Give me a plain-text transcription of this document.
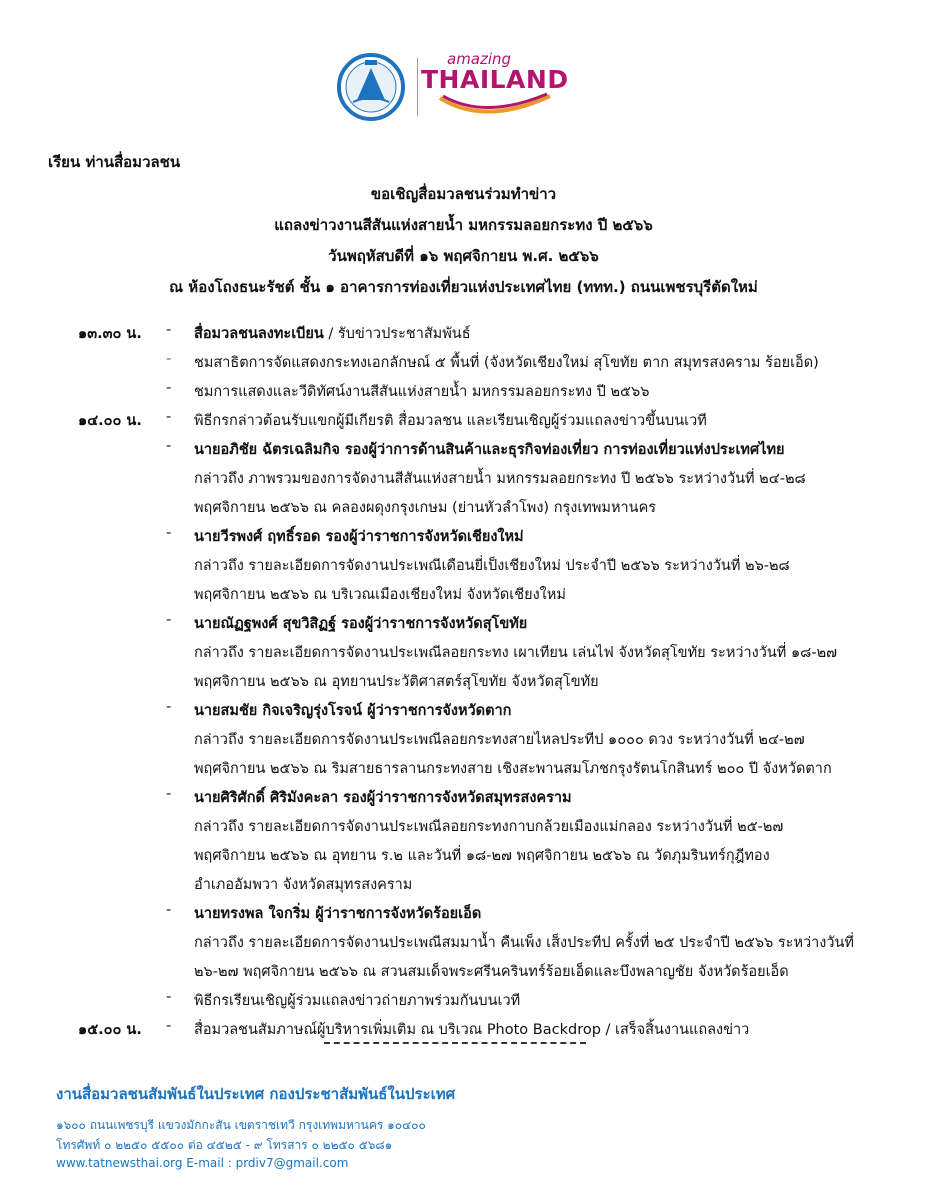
amazing
THAILAND
เรียน ท่านสื่อมวลชน
ขอเชิญสื่อมวลชนร่วมทำข่าว
แถลงข่าวงานสีสันแห่งสายน้ำ มหกรรมลอยกระทง ปี ๒๕๖๖
วันพฤหัสบดีที่ ๑๖ พฤศจิกายน พ.ศ. ๒๕๖๖
ณ ห้องโถงธนะรัชต์ ชั้น ๑ อาคารการท่องเที่ยวแห่งประเทศไทย (ททท.) ถนนเพชรบุรีตัดใหม่
๑๓.๓๐ น. - สื่อมวลชนลงทะเบียน / รับข่าวประชาสัมพันธ์
- ชมสาธิตการจัดแสดงกระทงเอกลักษณ์ ๕ พื้นที่ (จังหวัดเชียงใหม่ สุโขทัย ตาก สมุทรสงคราม ร้อยเอ็ด)
- ชมการแสดงและวีดิทัศน์งานสีสันแห่งสายน้ำ มหกรรมลอยกระทง ปี ๒๕๖๖
๑๔.๐๐ น. - พิธีกรกล่าวต้อนรับแขกผู้มีเกียรติ สื่อมวลชน และเรียนเชิญผู้ร่วมแถลงข่าวขึ้นบนเวที
- นายอภิชัย ฉัตรเฉลิมกิจ รองผู้ว่าการด้านสินค้าและธุรกิจท่องเที่ยว การท่องเที่ยวแห่งประเทศไทย
กล่าวถึง ภาพรวมของการจัดงานสีสันแห่งสายน้ำ มหกรรมลอยกระทง ปี ๒๕๖๖ ระหว่างวันที่ ๒๔-๒๘
พฤศจิกายน ๒๕๖๖ ณ คลองผดุงกรุงเกษม (ย่านหัวลำโพง) กรุงเทพมหานคร
- นายวีรพงศ์ ฤทธิ์รอด รองผู้ว่าราชการจังหวัดเชียงใหม่
กล่าวถึง รายละเอียดการจัดงานประเพณีเดือนยี่เป็งเชียงใหม่ ประจำปี ๒๕๖๖ ระหว่างวันที่ ๒๖-๒๘
พฤศจิกายน ๒๕๖๖ ณ บริเวณเมืองเชียงใหม่ จังหวัดเชียงใหม่
- นายณัฏฐพงศ์ สุขวิสิฏฐ์ รองผู้ว่าราชการจังหวัดสุโขทัย
กล่าวถึง รายละเอียดการจัดงานประเพณีลอยกระทง เผาเทียน เล่นไฟ จังหวัดสุโขทัย ระหว่างวันที่ ๑๘-๒๗
พฤศจิกายน ๒๕๖๖ ณ อุทยานประวัติศาสตร์สุโขทัย จังหวัดสุโขทัย
- นายสมชัย กิจเจริญรุ่งโรจน์ ผู้ว่าราชการจังหวัดตาก
กล่าวถึง รายละเอียดการจัดงานประเพณีลอยกระทงสายไหลประทีป ๑๐๐๐ ดวง ระหว่างวันที่ ๒๔-๒๗
พฤศจิกายน ๒๕๖๖ ณ ริมสายธารลานกระทงสาย เชิงสะพานสมโภชกรุงรัตนโกสินทร์ ๒๐๐ ปี จังหวัดตาก
- นายศิริศักดิ์ ศิริมังคะลา รองผู้ว่าราชการจังหวัดสมุทรสงคราม
กล่าวถึง รายละเอียดการจัดงานประเพณีลอยกระทงกาบกล้วยเมืองแม่กลอง ระหว่างวันที่ ๒๕-๒๗
พฤศจิกายน ๒๕๖๖ ณ อุทยาน ร.๒ และวันที่ ๑๘-๒๗ พฤศจิกายน ๒๕๖๖ ณ วัดภุมรินทร์กุฎีทอง
อำเภออัมพวา จังหวัดสมุทรสงคราม
- นายทรงพล ใจกริ่ม ผู้ว่าราชการจังหวัดร้อยเอ็ด
กล่าวถึง รายละเอียดการจัดงานประเพณีสมมาน้ำ คืนเพ็ง เส็งประทีป ครั้งที่ ๒๕ ประจำปี ๒๕๖๖ ระหว่างวันที่
๒๖-๒๗ พฤศจิกายน ๒๕๖๖ ณ สวนสมเด็จพระศรีนครินทร์ร้อยเอ็ดและบึงพลาญชัย จังหวัดร้อยเอ็ด
- พิธีกรเรียนเชิญผู้ร่วมแถลงข่าวถ่ายภาพร่วมกันบนเวที
๑๕.๐๐ น. - สื่อมวลชนสัมภาษณ์ผู้บริหารเพิ่มเติม ณ บริเวณ Photo Backdrop / เสร็จสิ้นงานแถลงข่าว
งานสื่อมวลชนสัมพันธ์ในประเทศ กองประชาสัมพันธ์ในประเทศ
๑๖๐๐ ถนนเพชรบุรี แขวงมักกะสัน เขตราชเทวี กรุงเทพมหานคร ๑๐๔๐๐
โทรศัพท์ ๐ ๒๒๕๐ ๕๕๐๐ ต่อ ๔๕๒๕ - ๙ โทรสาร ๐ ๒๒๕๐ ๕๖๘๑
www.tatnewsthai.org E-mail : prdiv7@gmail.com
